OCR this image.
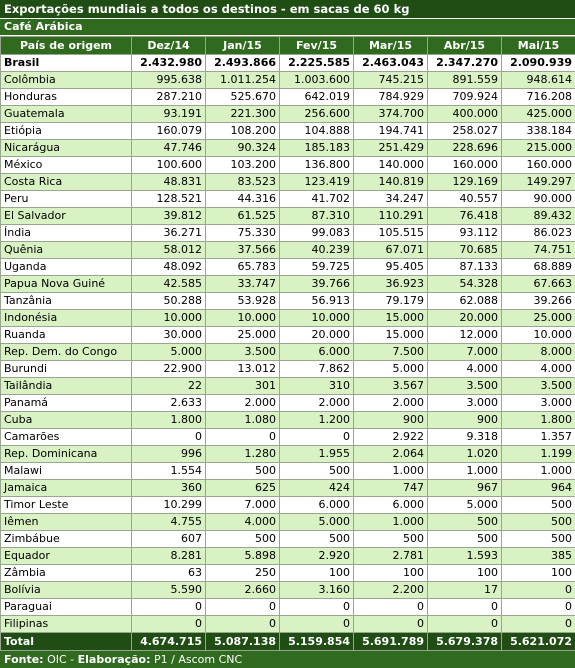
Exportações mundiais a todos os destinos - em sacas de 60 kg
Café Arábica
País de origem	Dez/14	Jan/15	Fev/15	Mar/15	Abr/15	Mai/15
Brasil	2.432.980	2.493.866	2.225.585	2.463.043	2.347.270	2.090.939
Colômbia	995.638	1.011.254	1.003.600	745.215	891.559	948.614
Honduras	287.210	525.670	642.019	784.929	709.924	716.208
Guatemala	93.191	221.300	256.600	374.700	400.000	425.000
Etiópia	160.079	108.200	104.888	194.741	258.027	338.184
Nicarágua	47.746	90.324	185.183	251.429	228.696	215.000
México	100.600	103.200	136.800	140.000	160.000	160.000
Costa Rica	48.831	83.523	123.419	140.819	129.169	149.297
Peru	128.521	44.316	41.702	34.247	40.557	90.000
El Salvador	39.812	61.525	87.310	110.291	76.418	89.432
Índia	36.271	75.330	99.083	105.515	93.112	86.023
Quênia	58.012	37.566	40.239	67.071	70.685	74.751
Uganda	48.092	65.783	59.725	95.405	87.133	68.889
Papua Nova Guiné	42.585	33.747	39.766	36.923	54.328	67.663
Tanzânia	50.288	53.928	56.913	79.179	62.088	39.266
Indonésia	10.000	10.000	10.000	15.000	20.000	25.000
Ruanda	30.000	25.000	20.000	15.000	12.000	10.000
Rep. Dem. do Congo	5.000	3.500	6.000	7.500	7.000	8.000
Burundi	22.900	13.012	7.862	5.000	4.000	4.000
Tailândia	22	301	310	3.567	3.500	3.500
Panamá	2.633	2.000	2.000	2.000	3.000	3.000
Cuba	1.800	1.080	1.200	900	900	1.800
Camarões	0	0	0	2.922	9.318	1.357
Rep. Dominicana	996	1.280	1.955	2.064	1.020	1.199
Malawi	1.554	500	500	1.000	1.000	1.000
Jamaica	360	625	424	747	967	964
Timor Leste	10.299	7.000	6.000	6.000	5.000	500
Iêmen	4.755	4.000	5.000	1.000	500	500
Zimbábue	607	500	500	500	500	500
Equador	8.281	5.898	2.920	2.781	1.593	385
Zâmbia	63	250	100	100	100	100
Bolívia	5.590	2.660	3.160	2.200	17	0
Paraguai	0	0	0	0	0	0
Filipinas	0	0	0	0	0	0
Total	4.674.715	5.087.138	5.159.854	5.691.789	5.679.378	5.621.072
Fonte: OIC - Elaboração: P1 / Ascom CNC
